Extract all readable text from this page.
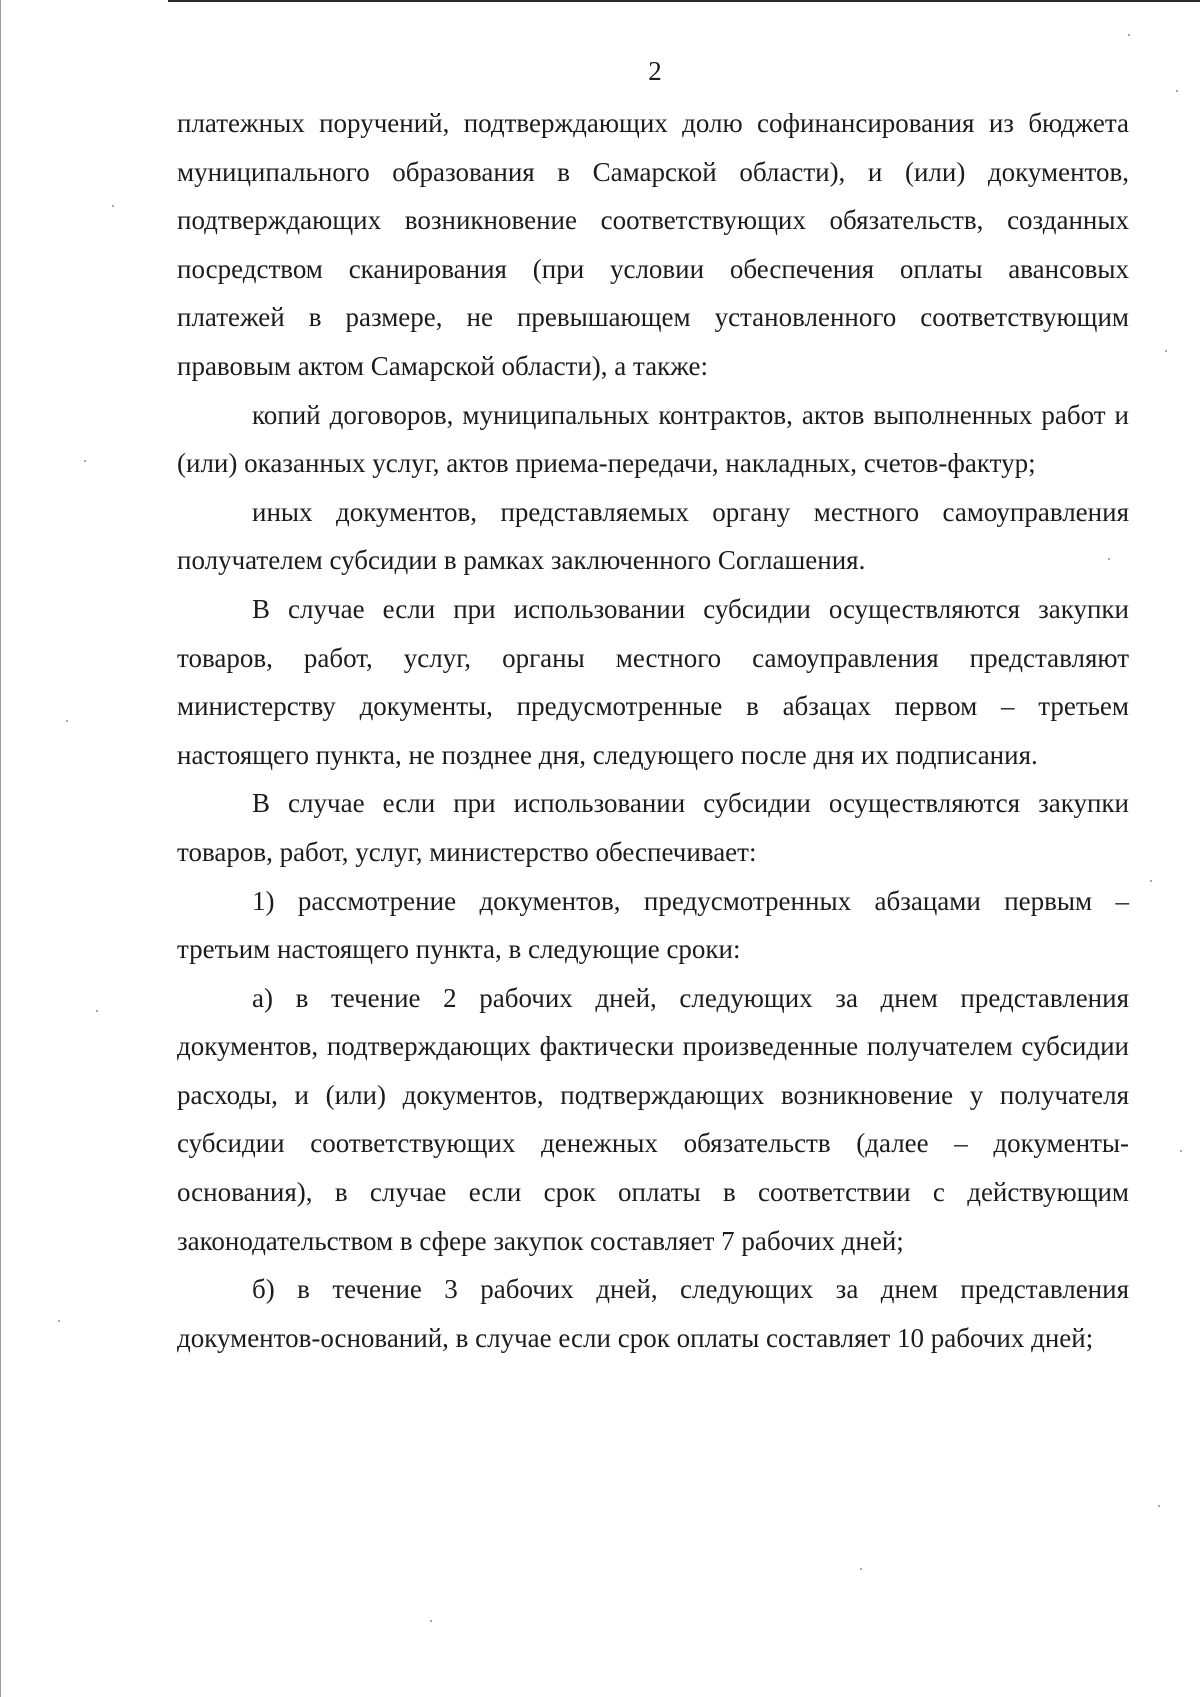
2

платежных поручений, подтверждающих долю софинансирования из бюджета муниципального образования в Самарской области), и (или) документов, подтверждающих возникновение соответствующих обязательств, созданных посредством сканирования (при условии обеспечения оплаты авансовых платежей в размере, не превышающем установленного соответствующим правовым актом Самарской области), а также:

копий договоров, муниципальных контрактов, актов выполненных работ и (или) оказанных услуг, актов приема-передачи, накладных, счетов-фактур;

иных документов, представляемых органу местного самоуправления получателем субсидии в рамках заключенного Соглашения.

В случае если при использовании субсидии осуществляются закупки товаров, работ, услуг, органы местного самоуправления представляют министерству документы, предусмотренные в абзацах первом – третьем настоящего пункта, не позднее дня, следующего после дня их подписания.

В случае если при использовании субсидии осуществляются закупки товаров, работ, услуг, министерство обеспечивает:

1) рассмотрение документов, предусмотренных абзацами первым – третьим настоящего пункта, в следующие сроки:

а) в течение 2 рабочих дней, следующих за днем представления документов, подтверждающих фактически произведенные получателем субсидии расходы, и (или) документов, подтверждающих возникновение у получателя субсидии соответствующих денежных обязательств (далее – документы-основания), в случае если срок оплаты в соответствии с действующим законодательством в сфере закупок составляет 7 рабочих дней;

б) в течение 3 рабочих дней, следующих за днем представления документов-оснований, в случае если срок оплаты составляет 10 рабочих дней;
